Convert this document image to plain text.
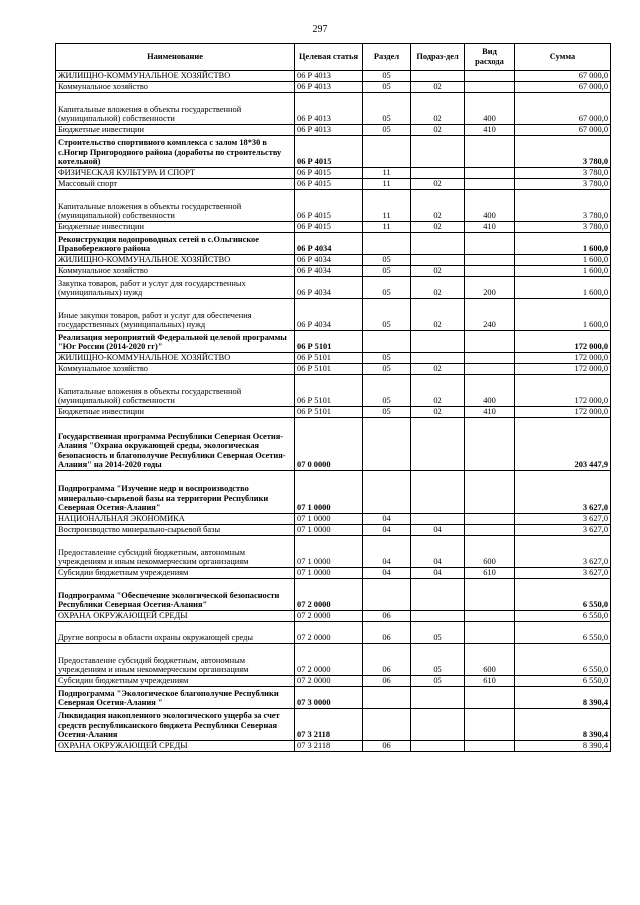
297
Наименование	Целевая статья	Раздел	Подраз-дел	Вид расхода	Сумма
ЖИЛИЩНО-КОММУНАЛЬНОЕ ХОЗЯЙСТВО	06 Р 4013	05			67 000,0
Коммунальное хозяйство	06 Р 4013	05	02		67 000,0
Капитальные вложения в объекты государственной (муниципальной) собственности	06 Р 4013	05	02	400	67 000,0
Бюджетные инвестиции	06 Р 4013	05	02	410	67 000,0
Строительство спортивного комплекса с залом 18*30 в с.Ногир Пригородного района (доработы по строительству котельной)	06 Р 4015				3 780,0
ФИЗИЧЕСКАЯ КУЛЬТУРА И СПОРТ	06 Р 4015	11			3 780,0
Массовый спорт	06 Р 4015	11	02		3 780,0
Капитальные вложения в объекты государственной (муниципальной) собственности	06 Р 4015	11	02	400	3 780,0
Бюджетные инвестиции	06 Р 4015	11	02	410	3 780,0
Реконструкция водопроводных сетей в с.Ольгинское Правобережного района	06 Р 4034				1 600,0
ЖИЛИЩНО-КОММУНАЛЬНОЕ ХОЗЯЙСТВО	06 Р 4034	05			1 600,0
Коммунальное хозяйство	06 Р 4034	05	02		1 600,0
Закупка товаров, работ и услуг для государственных (муниципальных) нужд	06 Р 4034	05	02	200	1 600,0
Иные закупки товаров, работ и услуг для обеспечения государственных (муниципальных) нужд	06 Р 4034	05	02	240	1 600,0
Реализация мероприятий Федеральной целевой программы "Юг России (2014-2020 гг)"	06 Р 5101				172 000,0
ЖИЛИЩНО-КОММУНАЛЬНОЕ ХОЗЯЙСТВО	06 Р 5101	05			172 000,0
Коммунальное хозяйство	06 Р 5101	05	02		172 000,0
Капитальные вложения в объекты государственной (муниципальной) собственности	06 Р 5101	05	02	400	172 000,0
Бюджетные инвестиции	06 Р 5101	05	02	410	172 000,0
Государственная программа Республики Северная Осетия-Алания "Охрана окружающей среды, экологическая безопасность и благополучие Республики Северная Осетия-Алания" на 2014-2020 годы	07 0 0000				203 447,9
Подпрограмма "Изучение недр и воспроизводство минерально-сырьевой базы на территории Республики Северная Осетия-Алания"	07 1 0000				3 627,0
НАЦИОНАЛЬНАЯ ЭКОНОМИКА	07 1 0000	04			3 627,0
Воспроизводство минерально-сырьевой базы	07 1 0000	04	04		3 627,0
Предоставление субсидий бюджетным, автономным учреждениям и иным некоммерческим организациям	07 1 0000	04	04	600	3 627,0
Субсидии бюджетным учреждениям	07 1 0000	04	04	610	3 627,0
Подпрограмма "Обеспечение экологической безопасности Республики Северная Осетия-Алания"	07 2 0000				6 550,0
ОХРАНА ОКРУЖАЮЩЕЙ СРЕДЫ	07 2 0000	06			6 550,0
Другие вопросы в области охраны окружающей среды	07 2 0000	06	05		6 550,0
Предоставление субсидий бюджетным, автономным учреждениям и иным некоммерческим организациям	07 2 0000	06	05	600	6 550,0
Субсидии бюджетным учреждениям	07 2 0000	06	05	610	6 550,0
Подпрограмма "Экологическое благополучие Республики Северная Осетия-Алания "	07 3 0000				8 390,4
Ликвидация накопленного экологического ущерба за счет средств республиканского бюджета Республики Северная Осетия-Алания	07 3 2118				8 390,4
ОХРАНА ОКРУЖАЮЩЕЙ СРЕДЫ	07 3 2118	06			8 390,4
